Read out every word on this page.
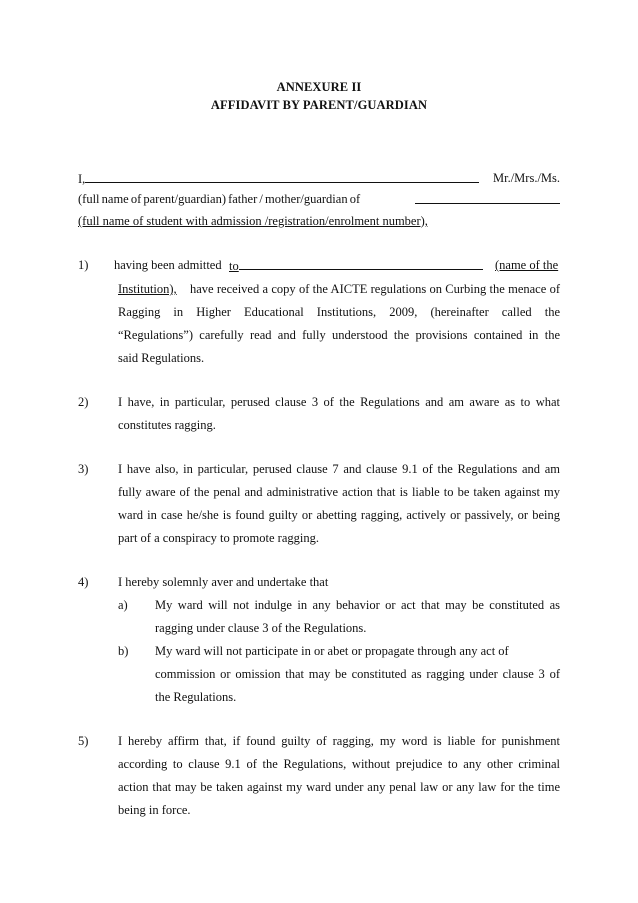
ANNEXURE II
AFFIDAVIT BY PARENT/GUARDIAN
I,	Mr./Mrs./Ms.
(full name of parent/guardian) father / mother/guardian of
(full name of student with admission /registration/enrolment number),
1) having been admitted to	(name of the
Institution), have received a copy of the AICTE regulations on Curbing the menace of
Ragging in Higher Educational Institutions, 2009, (hereinafter called the
“Regulations”) carefully read and fully understood the provisions contained in the
said Regulations.
2) I have, in particular, perused clause 3 of the Regulations and am aware as to what
constitutes ragging.
3) I have also, in particular, perused clause 7 and clause 9.1 of the Regulations and am
fully aware of the penal and administrative action that is liable to be taken against my
ward in case he/she is found guilty or abetting ragging, actively or passively, or being
part of a conspiracy to promote ragging.
4) I hereby solemnly aver and undertake that
a) My ward will not indulge in any behavior or act that may be constituted as
ragging under clause 3 of the Regulations.
b) My ward will not participate in or abet or propagate through any act of
commission or omission that may be constituted as ragging under clause 3 of
the Regulations.
5) I hereby affirm that, if found guilty of ragging, my word is liable for punishment
according to clause 9.1 of the Regulations, without prejudice to any other criminal
action that may be taken against my ward under any penal law or any law for the time
being in force.
